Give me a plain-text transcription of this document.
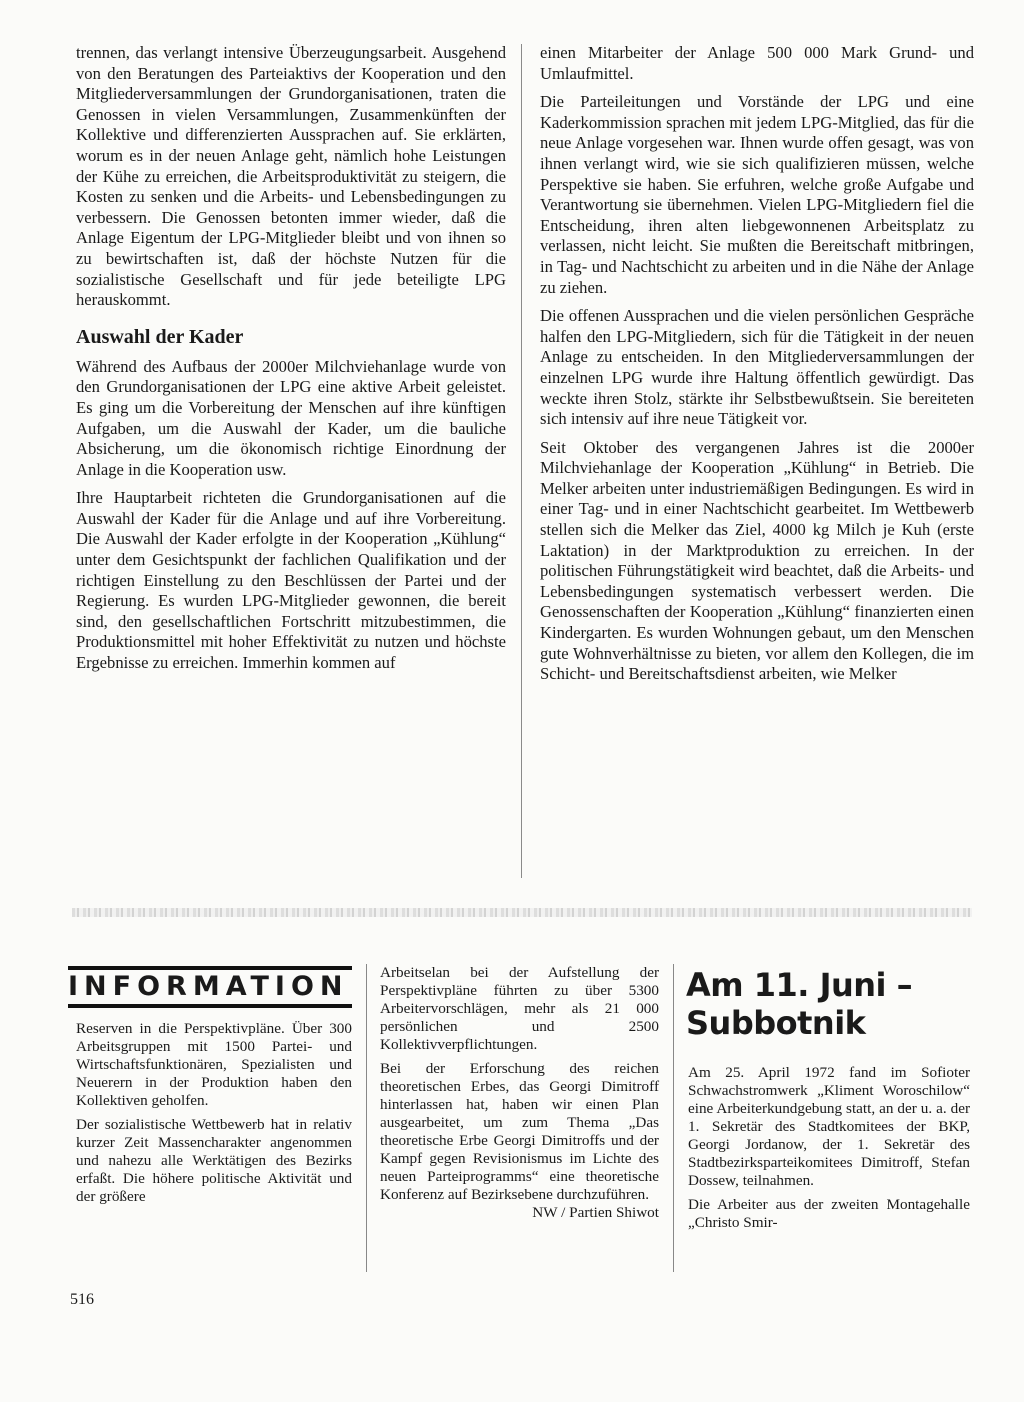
trennen, das verlangt intensive Überzeugungsarbeit. Ausgehend von den Beratungen des Parteiaktivs der Kooperation und den Mitgliederversammlungen der Grundorganisationen, traten die Genossen in vielen Versammlungen, Zusammenkünften der Kollektive und differenzierten Aussprachen auf. Sie erklärten, worum es in der neuen Anlage geht, nämlich hohe Leistungen der Kühe zu erreichen, die Arbeitsproduktivität zu steigern, die Kosten zu senken und die Arbeits- und Lebensbedingungen zu verbessern. Die Genossen betonten immer wieder, daß die Anlage Eigentum der LPG-Mitglieder bleibt und von ihnen so zu bewirtschaften ist, daß der höchste Nutzen für die sozialistische Gesellschaft und für jede beteiligte LPG herauskommt.

Auswahl der Kader

Während des Aufbaus der 2000er Milchviehanlage wurde von den Grundorganisationen der LPG eine aktive Arbeit geleistet. Es ging um die Vorbereitung der Menschen auf ihre künftigen Aufgaben, um die Auswahl der Kader, um die bauliche Absicherung, um die ökonomisch richtige Einordnung der Anlage in die Kooperation usw.

Ihre Hauptarbeit richteten die Grundorganisationen auf die Auswahl der Kader für die Anlage und auf ihre Vorbereitung. Die Auswahl der Kader erfolgte in der Kooperation „Kühlung“ unter dem Gesichtspunkt der fachlichen Qualifikation und der richtigen Einstellung zu den Beschlüssen der Partei und der Regierung. Es wurden LPG-Mitglieder gewonnen, die bereit sind, den gesellschaftlichen Fortschritt mitzubestimmen, die Produktionsmittel mit hoher Effektivität zu nutzen und höchste Ergebnisse zu erreichen. Immerhin kommen auf

einen Mitarbeiter der Anlage 500 000 Mark Grund- und Umlaufmittel.

Die Parteileitungen und Vorstände der LPG und eine Kaderkommission sprachen mit jedem LPG-Mitglied, das für die neue Anlage vorgesehen war. Ihnen wurde offen gesagt, was von ihnen verlangt wird, wie sie sich qualifizieren müssen, welche Perspektive sie haben. Sie erfuhren, welche große Aufgabe und Verantwortung sie übernehmen. Vielen LPG-Mitgliedern fiel die Entscheidung, ihren alten liebgewonnenen Arbeitsplatz zu verlassen, nicht leicht. Sie mußten die Bereitschaft mitbringen, in Tag- und Nachtschicht zu arbeiten und in die Nähe der Anlage zu ziehen.

Die offenen Aussprachen und die vielen persönlichen Gespräche halfen den LPG-Mitgliedern, sich für die Tätigkeit in der neuen Anlage zu entscheiden. In den Mitgliederversammlungen der einzelnen LPG wurde ihre Haltung öffentlich gewürdigt. Das weckte ihren Stolz, stärkte ihr Selbstbewußtsein. Sie bereiteten sich intensiv auf ihre neue Tätigkeit vor.

Seit Oktober des vergangenen Jahres ist die 2000er Milchviehanlage der Kooperation „Kühlung“ in Betrieb. Die Melker arbeiten unter industriemäßigen Bedingungen. Es wird in einer Tag- und in einer Nachtschicht gearbeitet. Im Wettbewerb stellen sich die Melker das Ziel, 4000 kg Milch je Kuh (erste Laktation) in der Marktproduktion zu erreichen. In der politischen Führungstätigkeit wird beachtet, daß die Arbeits- und Lebensbedingungen systematisch verbessert werden. Die Genossenschaften der Kooperation „Kühlung“ finanzierten einen Kindergarten. Es wurden Wohnungen gebaut, um den Menschen gute Wohnverhältnisse zu bieten, vor allem den Kollegen, die im Schicht- und Bereitschaftsdienst arbeiten, wie Melker

INFORMATION

Reserven in die Perspektivpläne. Über 300 Arbeitsgruppen mit 1500 Partei- und Wirtschaftsfunktionären, Spezialisten und Neuerern in der Produktion haben den Kollektiven geholfen.

Der sozialistische Wettbewerb hat in relativ kurzer Zeit Massencharakter angenommen und nahezu alle Werktätigen des Bezirks erfaßt. Die höhere politische Aktivität und der größere

Arbeitselan bei der Aufstellung der Perspektivpläne führten zu über 5300 Arbeitervorschlägen, mehr als 21 000 persönlichen und 2500 Kollektivverpflichtungen.

Bei der Erforschung des reichen theoretischen Erbes, das Georgi Dimitroff hinterlassen hat, haben wir einen Plan ausgearbeitet, um zum Thema „Das theoretische Erbe Georgi Dimitroffs und der Kampf gegen Revisionismus im Lichte des neuen Parteiprogramms“ eine theoretische Konferenz auf Bezirksebene durchzuführen.
NW / Partien Shiwot

Am 11. Juni –
Subbotnik

Am 25. April 1972 fand im Sofioter Schwachstromwerk „Kliment Woroschilow“ eine Arbeiterkundgebung statt, an der u. a. der 1. Sekretär des Stadtkomitees der BKP, Georgi Jordanow, der 1. Sekretär des Stadtbezirksparteikomitees Dimitroff, Stefan Dossew, teilnahmen.

Die Arbeiter aus der zweiten Montagehalle „Christo Smir-

516
